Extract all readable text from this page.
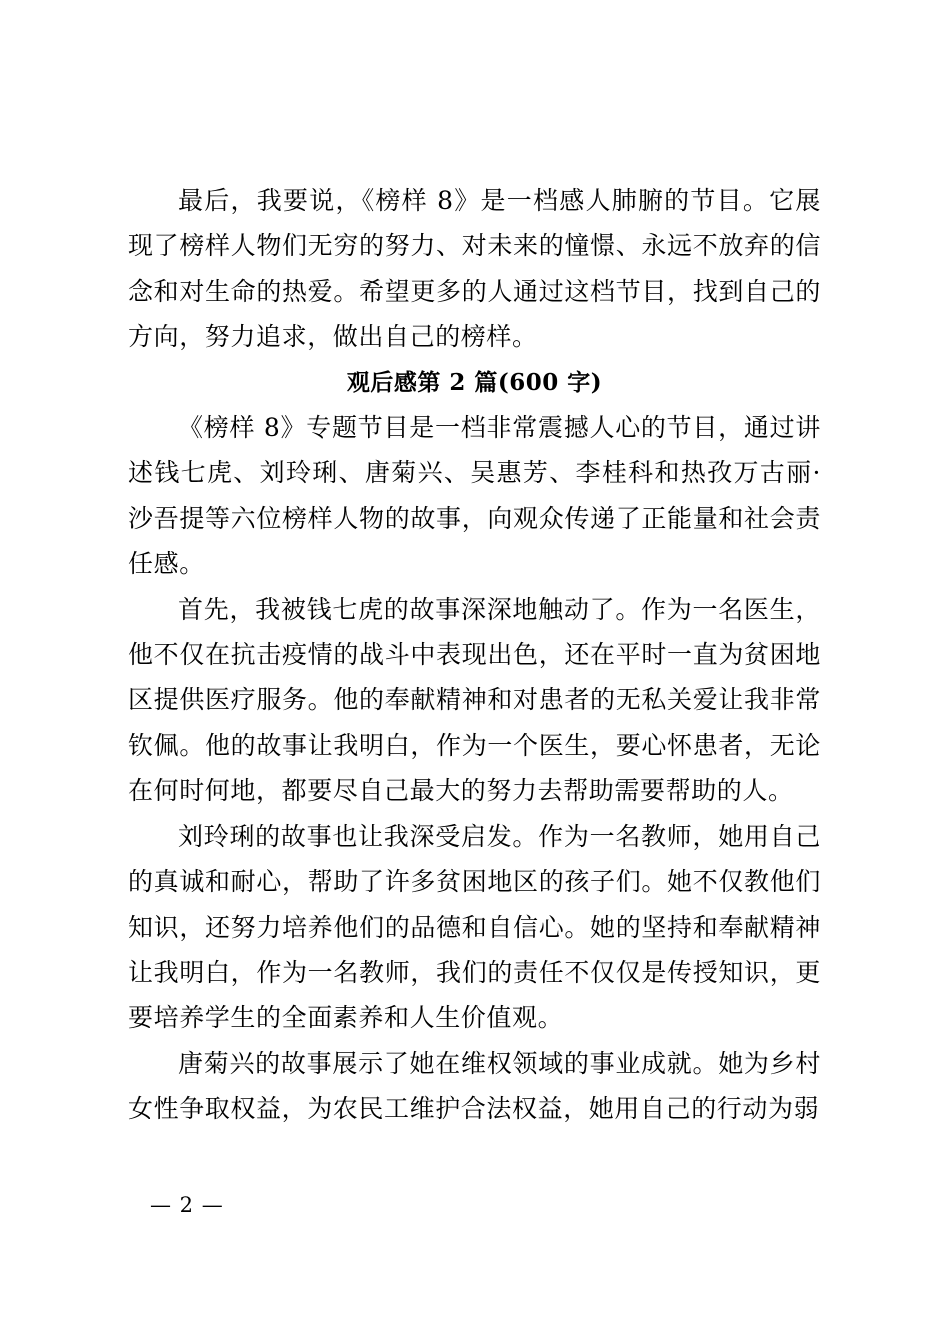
最后，我要说，《榜样 8》是一档感人肺腑的节目。它展现了榜样人物们无穷的努力、对未来的憧憬、永远不放弃的信念和对生命的热爱。希望更多的人通过这档节目，找到自己的方向，努力追求，做出自己的榜样。

观后感第 2 篇(600 字)

《榜样 8》专题节目是一档非常震撼人心的节目，通过讲述钱七虎、刘玲琍、唐菊兴、吴惠芳、李桂科和热孜万古丽·沙吾提等六位榜样人物的故事，向观众传递了正能量和社会责任感。

首先，我被钱七虎的故事深深地触动了。作为一名医生，他不仅在抗击疫情的战斗中表现出色，还在平时一直为贫困地区提供医疗服务。他的奉献精神和对患者的无私关爱让我非常钦佩。他的故事让我明白，作为一个医生，要心怀患者，无论在何时何地，都要尽自己最大的努力去帮助需要帮助的人。

刘玲琍的故事也让我深受启发。作为一名教师，她用自己的真诚和耐心，帮助了许多贫困地区的孩子们。她不仅教他们知识，还努力培养他们的品德和自信心。她的坚持和奉献精神让我明白，作为一名教师，我们的责任不仅仅是传授知识，更要培养学生的全面素养和人生价值观。

唐菊兴的故事展示了她在维权领域的事业成就。她为乡村女性争取权益，为农民工维护合法权益，她用自己的行动为弱

— 2 —
